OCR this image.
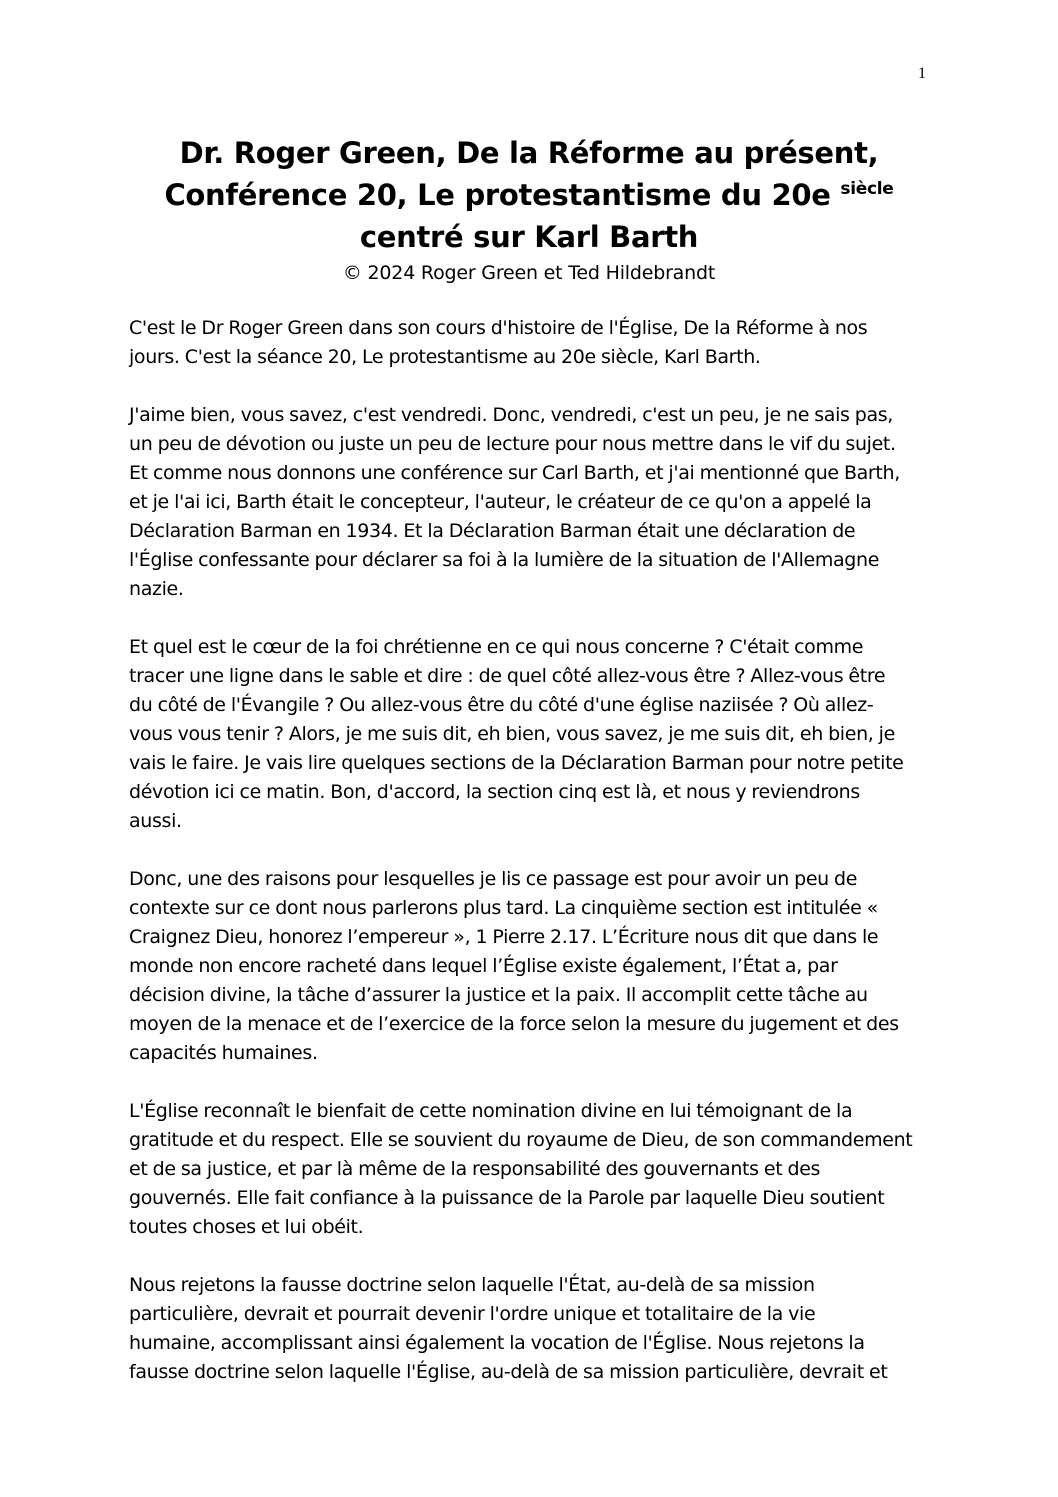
1
Dr. Roger Green, De la Réforme au présent,
Conférence 20, Le protestantisme du 20e $^{siècle}$
centré sur Karl Barth
© 2024 Roger Green et Ted Hildebrandt
C'est le Dr Roger Green dans son cours d'histoire de l'Église, De la Réforme à nos
jours. C'est la séance 20, Le protestantisme au 20e siècle, Karl Barth.
J'aime bien, vous savez, c'est vendredi. Donc, vendredi, c'est un peu, je ne sais pas,
un peu de dévotion ou juste un peu de lecture pour nous mettre dans le vif du sujet.
Et comme nous donnons une conférence sur Carl Barth, et j'ai mentionné que Barth,
et je l'ai ici, Barth était le concepteur, l'auteur, le créateur de ce qu'on a appelé la
Déclaration Barman en 1934. Et la Déclaration Barman était une déclaration de
l'Église confessante pour déclarer sa foi à la lumière de la situation de l'Allemagne
nazie.
Et quel est le cœur de la foi chrétienne en ce qui nous concerne ? C'était comme
tracer une ligne dans le sable et dire : de quel côté allez-vous être ? Allez-vous être
du côté de l'Évangile ? Ou allez-vous être du côté d'une église naziisée ? Où allez-
vous vous tenir ? Alors, je me suis dit, eh bien, vous savez, je me suis dit, eh bien, je
vais le faire. Je vais lire quelques sections de la Déclaration Barman pour notre petite
dévotion ici ce matin. Bon, d'accord, la section cinq est là, et nous y reviendrons
aussi.
Donc, une des raisons pour lesquelles je lis ce passage est pour avoir un peu de
contexte sur ce dont nous parlerons plus tard. La cinquième section est intitulée «
Craignez Dieu, honorez l’empereur », 1 Pierre 2.17. L’Écriture nous dit que dans le
monde non encore racheté dans lequel l’Église existe également, l’État a, par
décision divine, la tâche d’assurer la justice et la paix. Il accomplit cette tâche au
moyen de la menace et de l’exercice de la force selon la mesure du jugement et des
capacités humaines.
L'Église reconnaît le bienfait de cette nomination divine en lui témoignant de la
gratitude et du respect. Elle se souvient du royaume de Dieu, de son commandement
et de sa justice, et par là même de la responsabilité des gouvernants et des
gouvernés. Elle fait confiance à la puissance de la Parole par laquelle Dieu soutient
toutes choses et lui obéit.
Nous rejetons la fausse doctrine selon laquelle l'État, au-delà de sa mission
particulière, devrait et pourrait devenir l'ordre unique et totalitaire de la vie
humaine, accomplissant ainsi également la vocation de l'Église. Nous rejetons la
fausse doctrine selon laquelle l'Église, au-delà de sa mission particulière, devrait et
